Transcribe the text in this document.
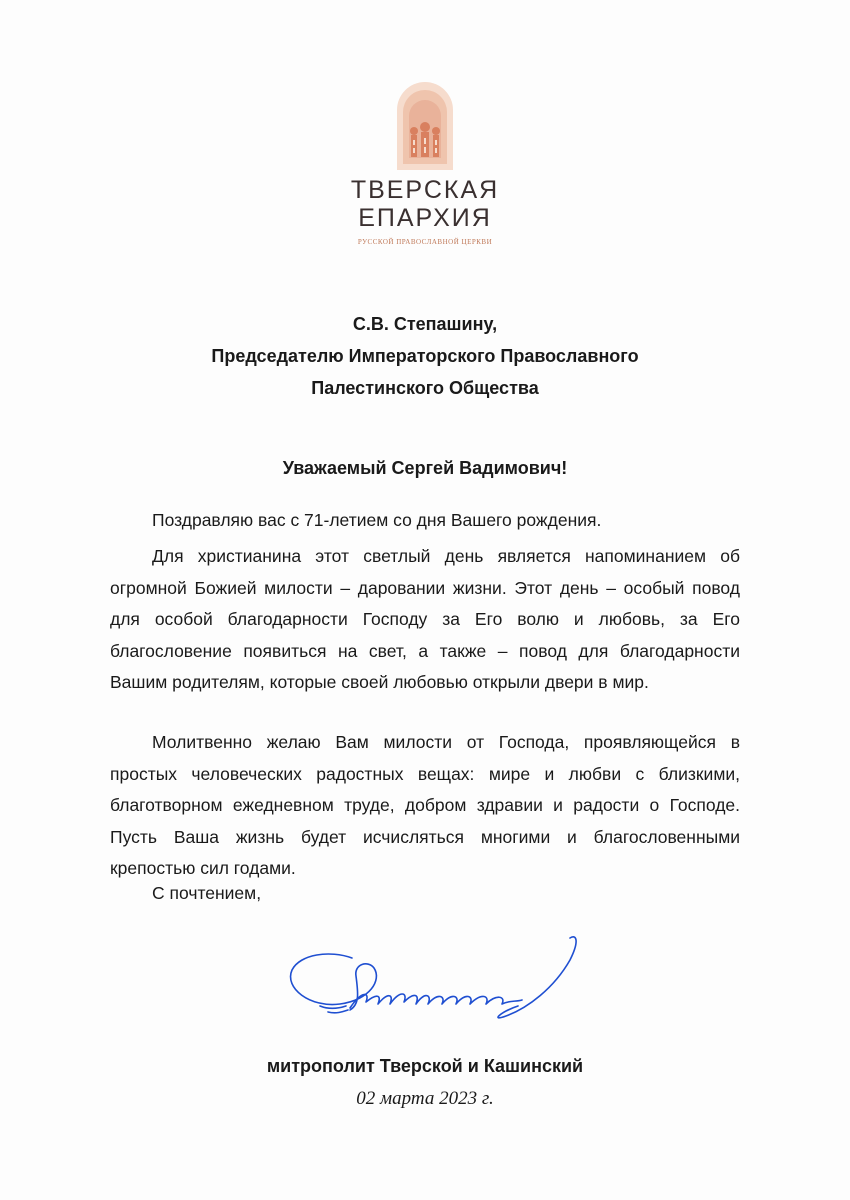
ТВЕРСКАЯ
ЕПАРХИЯ
РУССКОЙ ПРАВОСЛАВНОЙ ЦЕРКВИ
С.В. Степашину,
Председателю Императорского Православного
Палестинского Общества
Уважаемый Сергей Вадимович!
Поздравляю вас с 71-летием со дня Вашего рождения.
Для христианина этот светлый день является напоминанием об огромной Божией милости – даровании жизни. Этот день – особый повод для особой благодарности Господу за Его волю и любовь, за Его благословение появиться на свет, а также – повод для благодарности Вашим родителям, которые своей любовью открыли двери в мир.
Молитвенно желаю Вам милости от Господа, проявляющейся в простых человеческих радостных вещах: мире и любви с близкими, благотворном ежедневном труде, добром здравии и радости о Господе. Пусть Ваша жизнь будет исчисляться многими и благословенными крепостью сил годами.
С почтением,
митрополит Тверской и Кашинский
02 марта 2023 г.
